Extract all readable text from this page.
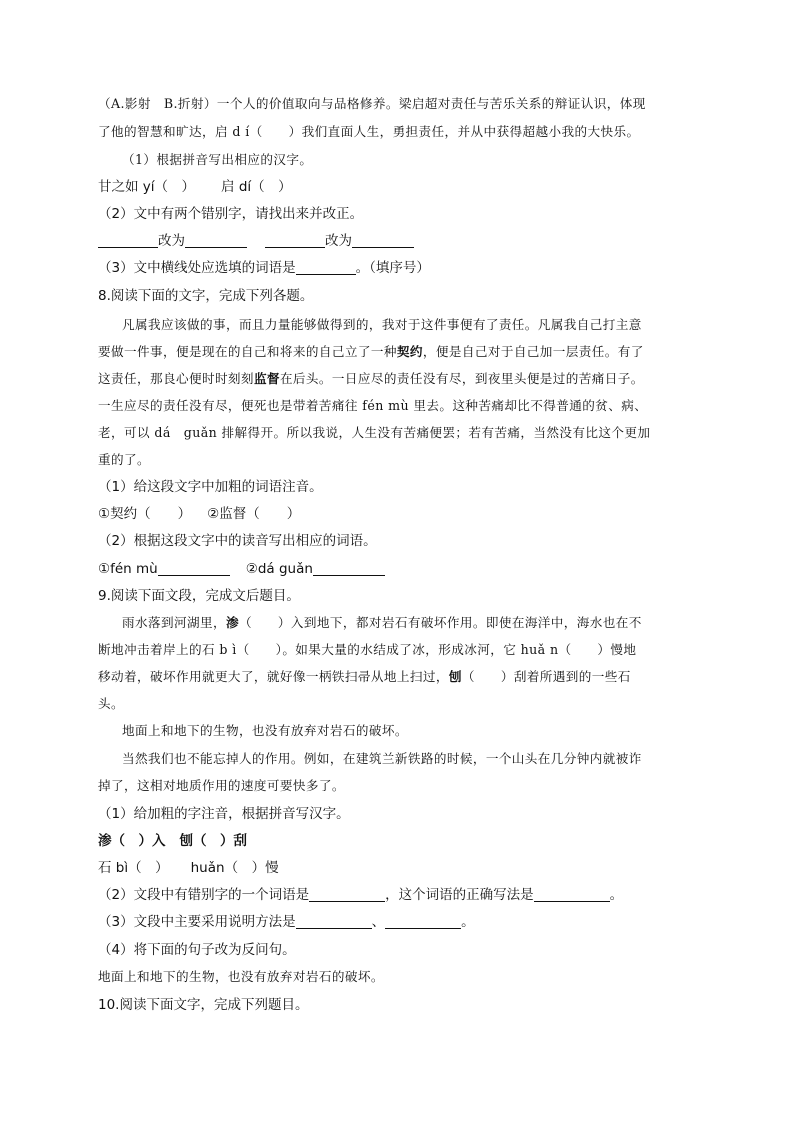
（A.影射　B.折射）一个人的价值取向与品格修养。梁启超对责任与苦乐关系的辩证认识，体现
了他的智慧和旷达，启 d í（　　）我们直面人生，勇担责任，并从中获得超越小我的大快乐。
（1）根据拼音写出相应的汉字。
甘之如 yí（　） 启 dí（　）
（2）文中有两个错别字，请找出来并改正。
改为	改为
（3）文中横线处应选填的词语是	。（填序号）
8.阅读下面的文字，完成下列各题。
凡属我应该做的事，而且力量能够做得到的，我对于这件事便有了责任。凡属我自己打主意
要做一件事，便是现在的自己和将来的自己立了一种契约，便是自己对于自己加一层责任。有了
这责任，那良心便时时刻刻监督在后头。一日应尽的责任没有尽，到夜里头便是过的苦痛日子。
一生应尽的责任没有尽，便死也是带着苦痛往 fén mù 里去。这种苦痛却比不得普通的贫、病、
老，可以 dá　guǎn 排解得开。所以我说，人生没有苦痛便罢；若有苦痛，当然没有比这个更加
重的了。
（1）给这段文字中加粗的词语注音。
①契约（　　） ②监督（　　）
（2）根据这段文字中的读音写出相应的词语。
①fén mù	②dá guǎn
9.阅读下面文段，完成文后题目。
雨水落到河湖里，渗（　　）入到地下，都对岩石有破坏作用。即使在海洋中，海水也在不
断地冲击着岸上的石 b ì（　　）。如果大量的水结成了冰，形成冰河，它 huǎ n（　　）慢地
移动着，破坏作用就更大了，就好像一柄铁扫帚从地上扫过，刨（　　）刮着所遇到的一些石
头。
地面上和地下的生物，也没有放弃对岩石的破坏。
当然我们也不能忘掉人的作用。例如，在建筑兰新铁路的时候，一个山头在几分钟内就被诈
掉了，这相对地质作用的速度可要快多了。
（1）给加粗的字注音，根据拼音写汉字。
渗（　）入 刨（　）刮
石 bì（　） huǎn（　）慢
（2）文段中有错别字的一个词语是	，这个词语的正确写法是	。
（3）文段中主要采用说明方法是	、	。
（4）将下面的句子改为反问句。
地面上和地下的生物，也没有放弃对岩石的破坏。
10.阅读下面文字，完成下列题目。
